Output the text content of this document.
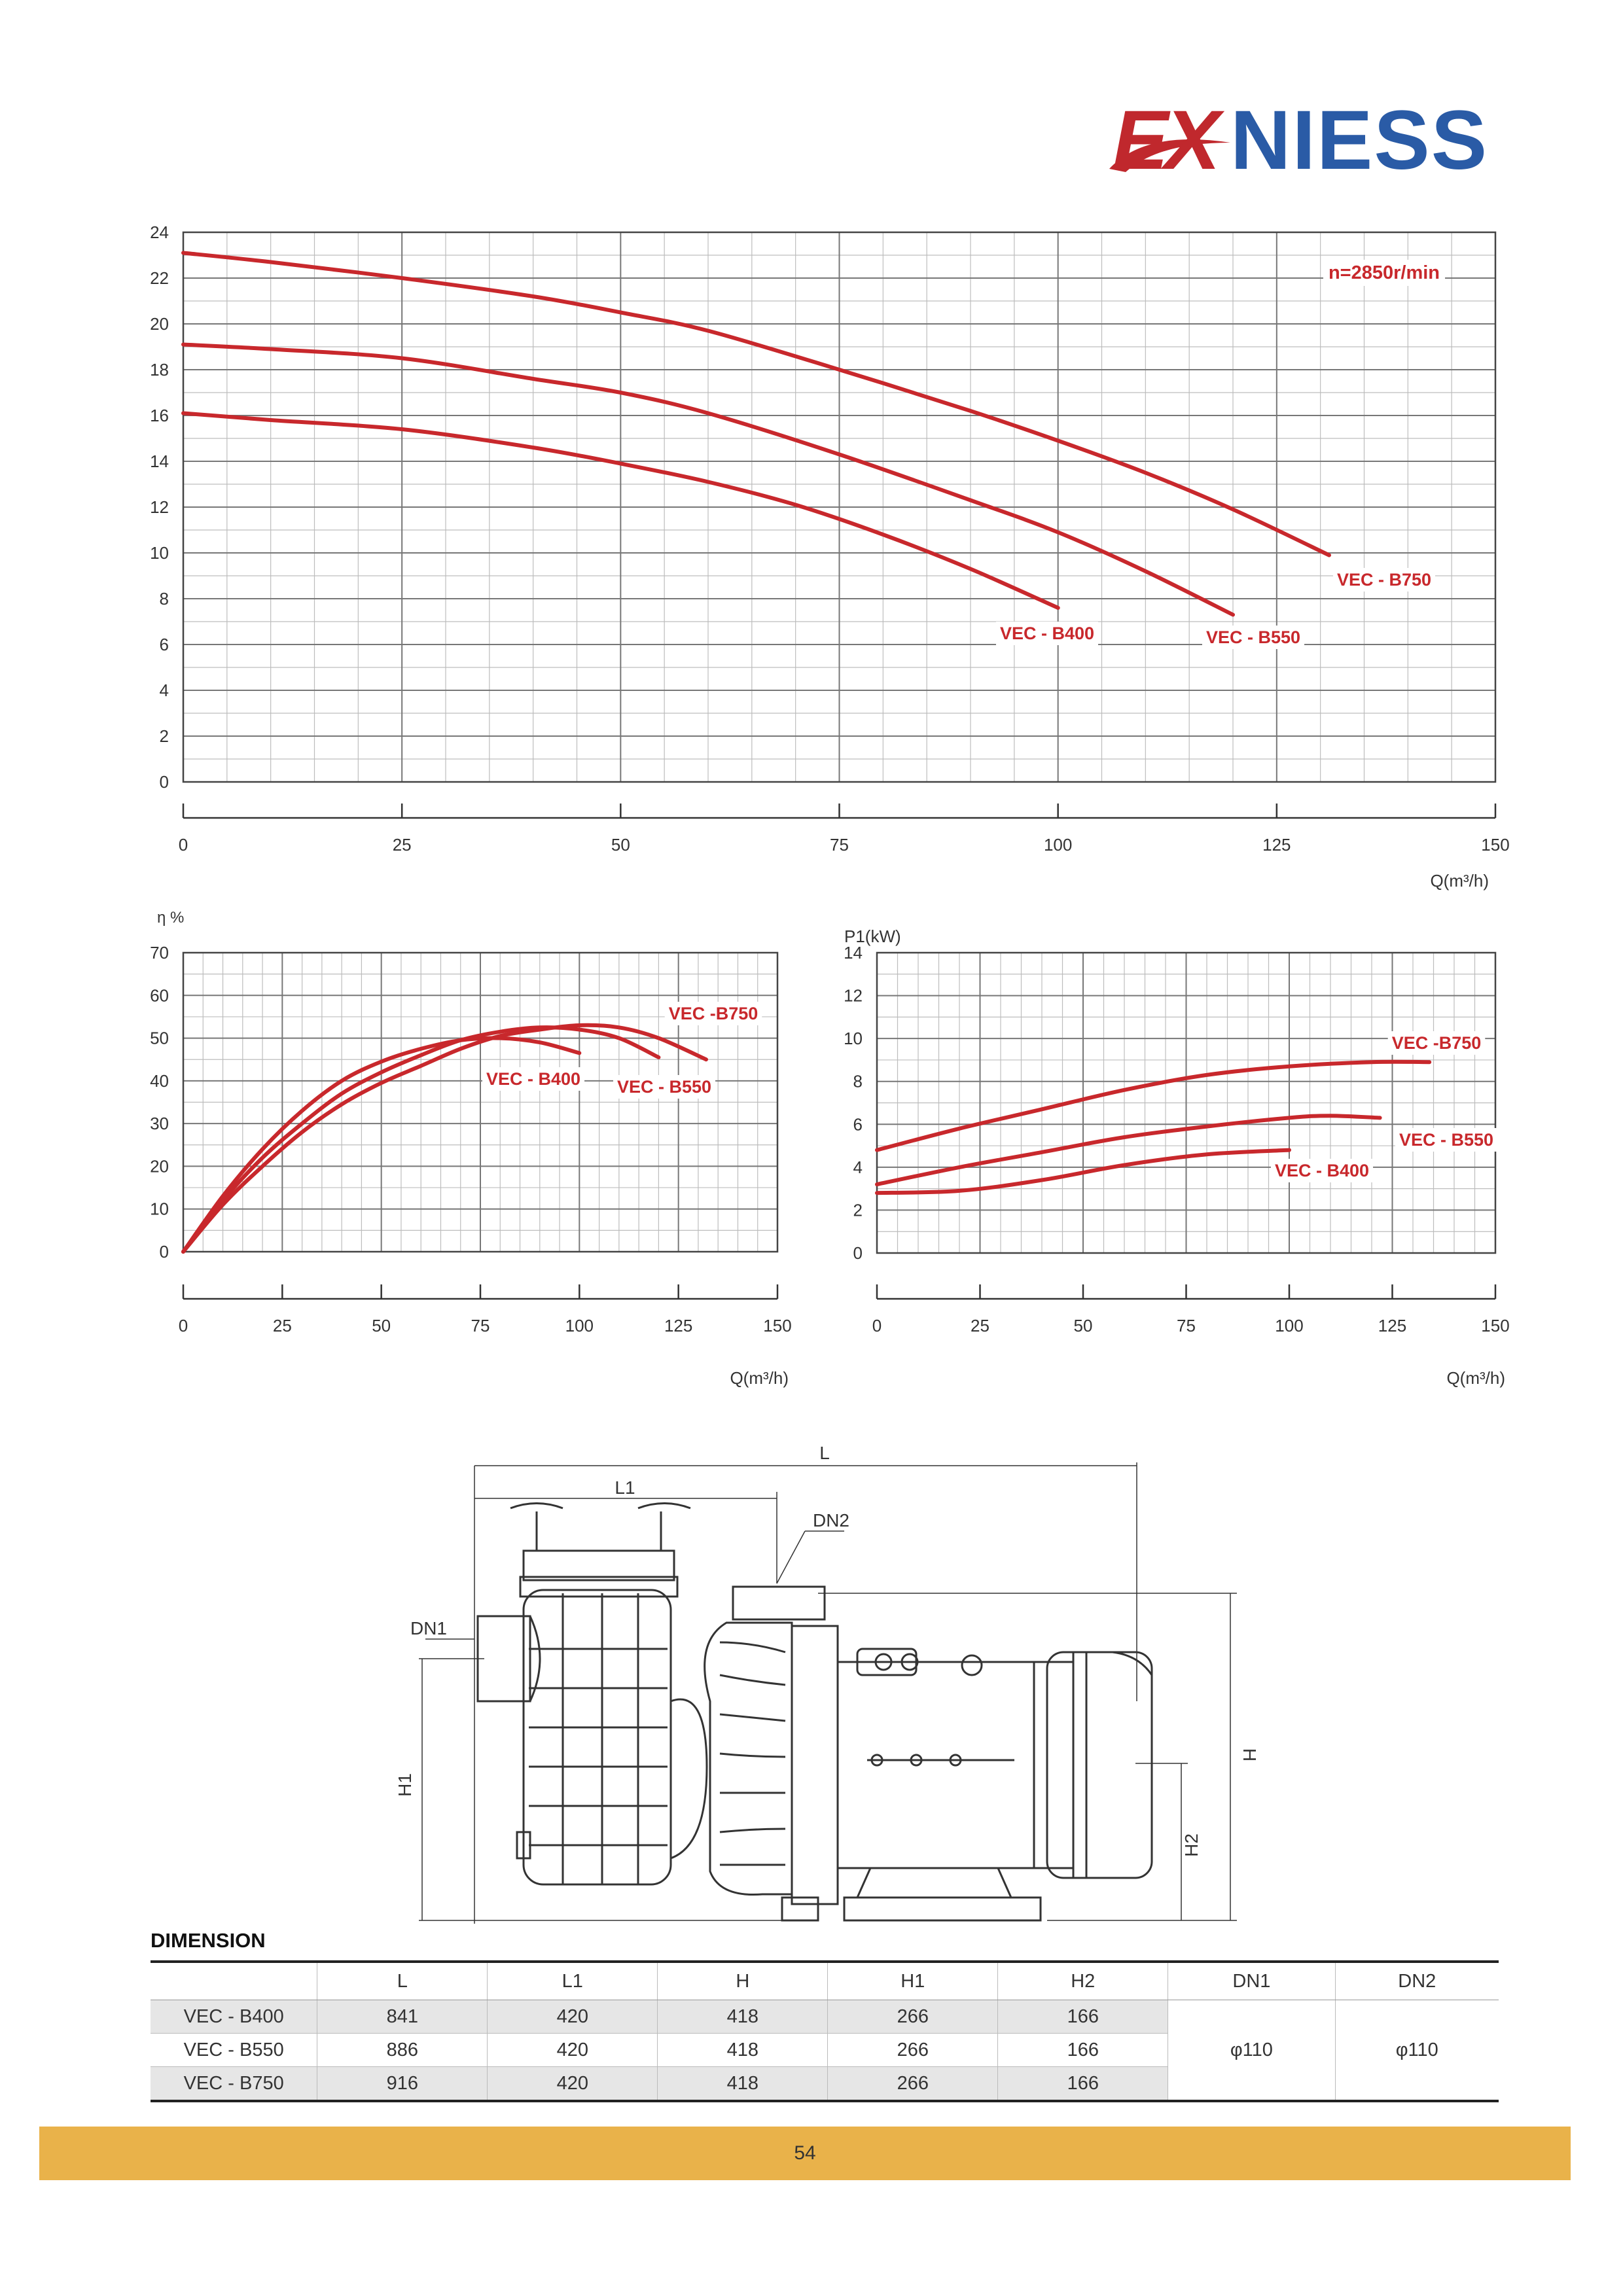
EX NIESS
0
2
4
6
8
10
12
14
16
18
20
22
24
0	25	50	75	100	125	150
n=2850r/min
VEC - B400	VEC - B550
VEC - B750
Q(m³/h)
0
10
20
30
40
50
60
70
0	25	50	75	100	125	150
η %
VEC - B400 VEC - B550
VEC -B750
Q(m³/h)
0
2
4
6
8
10
12
14
0	25	50	75	100	125	150
P1(kW)
VEC - B400
VEC - B550
VEC -B750
Q(m³/h)
L
L1
DN2
DN1
H1
H
H2
DIMENSION
	L	L1	H	H1	H2	DN1	DN2
VEC - B400	841	420	418	266	166	φ110	φ110
VEC - B550	886	420	418	266	166		
VEC - B750	916	420	418	266	166		
54
